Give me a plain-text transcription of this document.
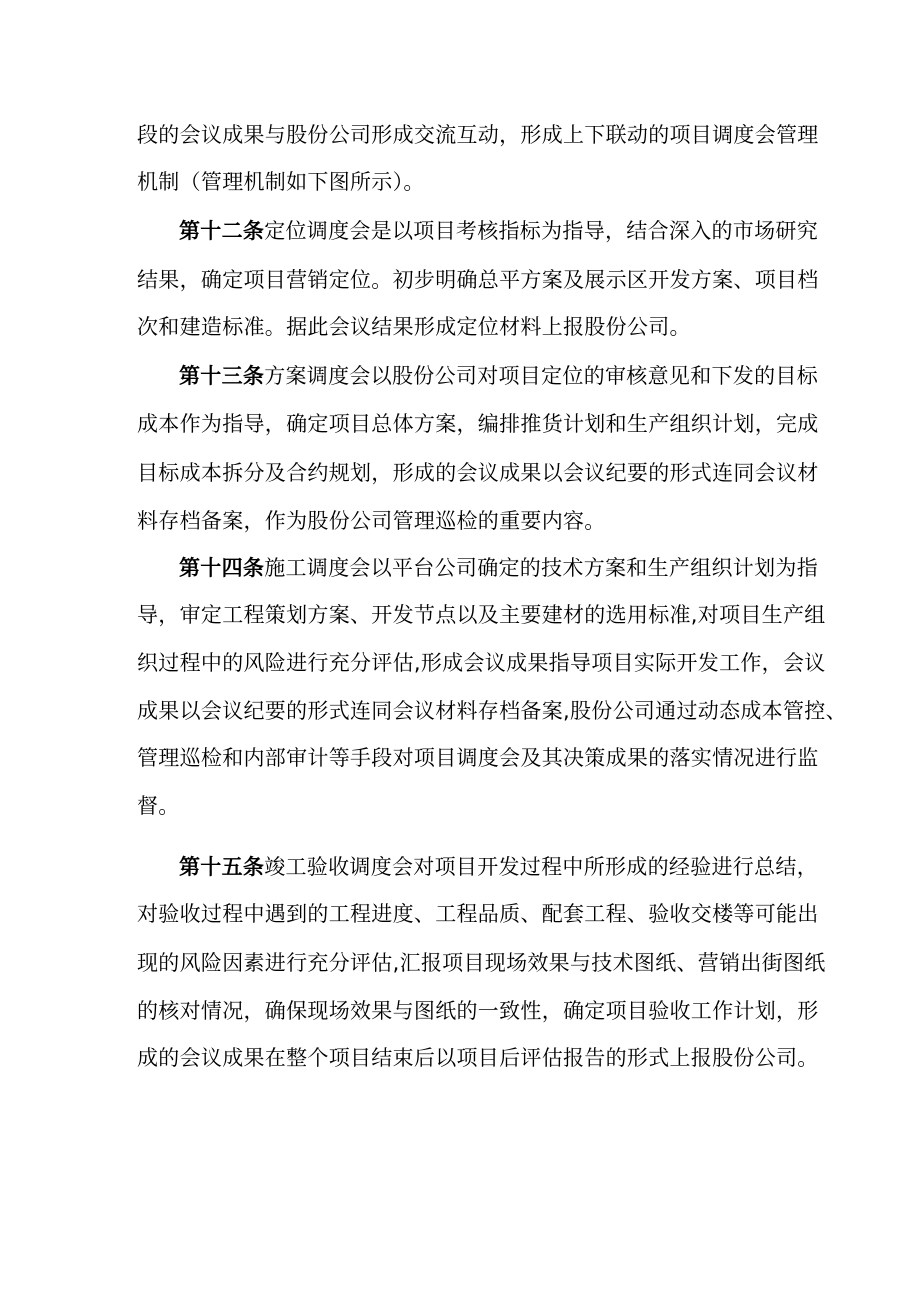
段的会议成果与股份公司形成交流互动，形成上下联动的项目调度会管理
机制（管理机制如下图所示）。
第十二条定位调度会是以项目考核指标为指导，结合深入的市场研究
结果，确定项目营销定位。初步明确总平方案及展示区开发方案、项目档
次和建造标准。据此会议结果形成定位材料上报股份公司。
第十三条方案调度会以股份公司对项目定位的审核意见和下发的目标
成本作为指导，确定项目总体方案，编排推货计划和生产组织计划，完成
目标成本拆分及合约规划，形成的会议成果以会议纪要的形式连同会议材
料存档备案，作为股份公司管理巡检的重要内容。
第十四条施工调度会以平台公司确定的技术方案和生产组织计划为指
导，审定工程策划方案、开发节点以及主要建材的选用标准,对项目生产组
织过程中的风险进行充分评估,形成会议成果指导项目实际开发工作，会议
成果以会议纪要的形式连同会议材料存档备案,股份公司通过动态成本管控、
管理巡检和内部审计等手段对项目调度会及其决策成果的落实情况进行监
督。
第十五条竣工验收调度会对项目开发过程中所形成的经验进行总结，
对验收过程中遇到的工程进度、工程品质、配套工程、验收交楼等可能出
现的风险因素进行充分评估,汇报项目现场效果与技术图纸、营销出街图纸
的核对情况，确保现场效果与图纸的一致性，确定项目验收工作计划，形
成的会议成果在整个项目结束后以项目后评估报告的形式上报股份公司。
